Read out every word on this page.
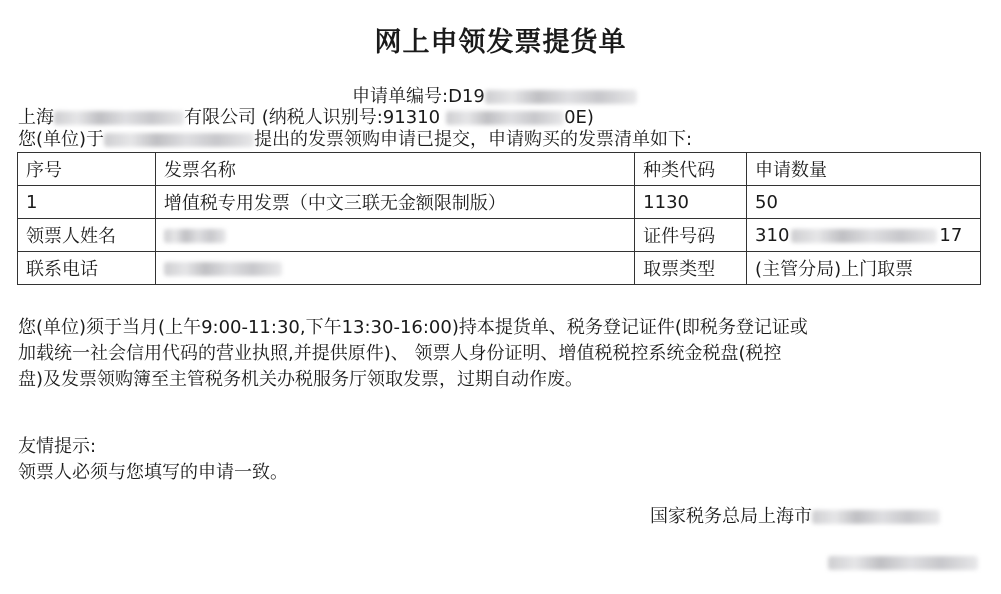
网上申领发票提货单
申请单编号:D19
上海	有限公司 (纳税人识别号:91310	0E)
您(单位)于	提出的发票领购申请已提交，申请购买的发票清单如下:
序号	发票名称	种类代码	申请数量
1	增值税专用发票（中文三联无金额限制版）	1130	50
领票人姓名		证件号码	310 17
联系电话		取票类型	(主管分局)上门取票
您(单位)须于当月(上午9:00-11:30,下午13:30-16:00)持本提货单、税务登记证件(即税务登记证或
加载统一社会信用代码的营业执照,并提供原件)、 领票人身份证明、增值税税控系统金税盘(税控
盘)及发票领购簿至主管税务机关办税服务厅领取发票，过期自动作废。
友情提示:
领票人必须与您填写的申请一致。
国家税务总局上海市
